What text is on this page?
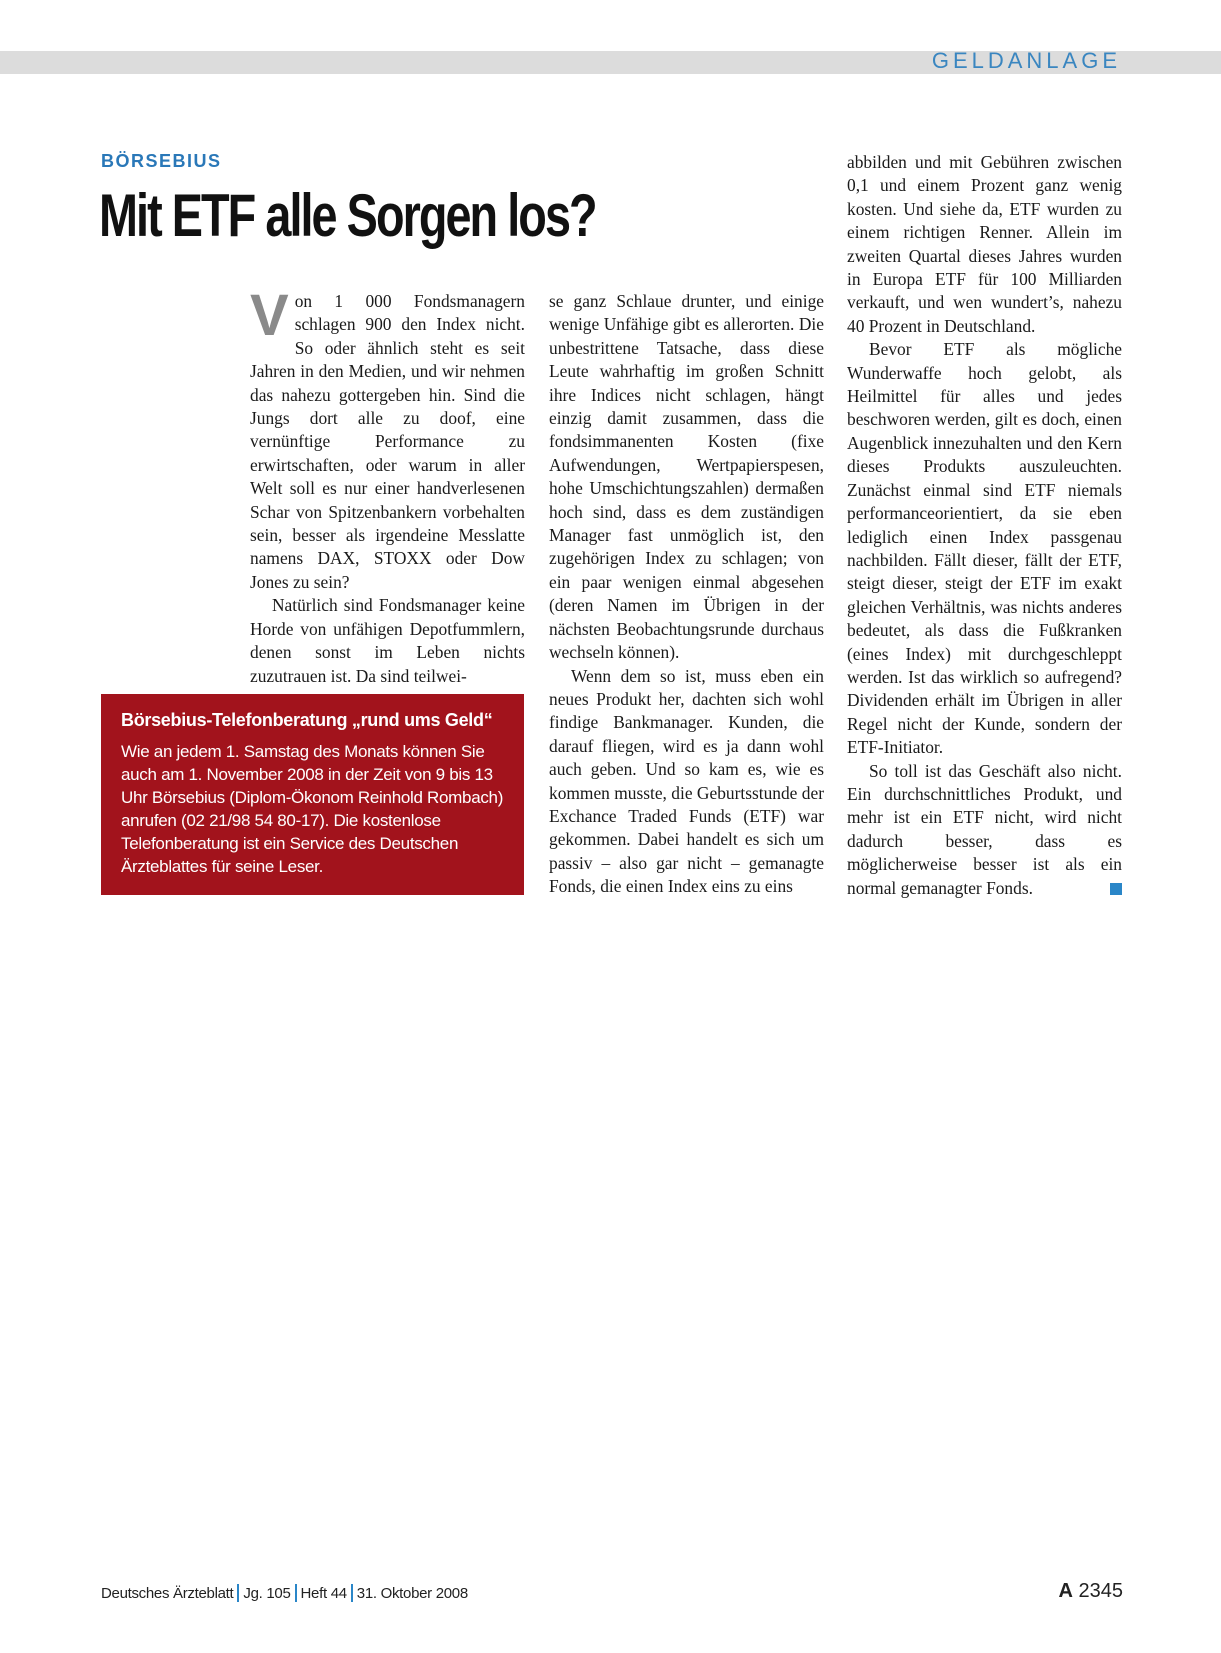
GELDANLAGE
BÖRSEBIUS
Mit ETF alle Sorgen los?

Von 1 000 Fondsmanagern schlagen 900 den Index nicht. So oder ähnlich steht es seit Jahren in den Medien, und wir nehmen das nahezu gottergeben hin. Sind die Jungs dort alle zu doof, eine vernünftige Performance zu erwirtschaften, oder warum in aller Welt soll es nur einer handverlesenen Schar von Spitzenbankern vorbehalten sein, besser als irgendeine Messlatte namens DAX, STOXX oder Dow Jones zu sein?

Natürlich sind Fondsmanager keine Horde von unfähigen Depotfummlern, denen sonst im Leben nichts zuzutrauen ist. Da sind teilwei-

se ganz Schlaue drunter, und einige wenige Unfähige gibt es allerorten. Die unbestrittene Tatsache, dass diese Leute wahrhaftig im großen Schnitt ihre Indices nicht schlagen, hängt einzig damit zusammen, dass die fondsimmanenten Kosten (fixe Aufwendungen, Wertpapierspesen, hohe Umschichtungszahlen) dermaßen hoch sind, dass es dem zuständigen Manager fast unmöglich ist, den zugehörigen Index zu schlagen; von ein paar wenigen einmal abgesehen (deren Namen im Übrigen in der nächsten Beobachtungsrunde durchaus wechseln können).

Wenn dem so ist, muss eben ein neues Produkt her, dachten sich wohl findige Bankmanager. Kunden, die darauf fliegen, wird es ja dann wohl auch geben. Und so kam es, wie es kommen musste, die Geburtsstunde der Exchance Traded Funds (ETF) war gekommen. Dabei handelt es sich um passiv – also gar nicht – gemanagte Fonds, die einen Index eins zu eins

abbilden und mit Gebühren zwischen 0,1 und einem Prozent ganz wenig kosten. Und siehe da, ETF wurden zu einem richtigen Renner. Allein im zweiten Quartal dieses Jahres wurden in Europa ETF für 100 Milliarden verkauft, und wen wundert’s, nahezu 40 Prozent in Deutschland.

Bevor ETF als mögliche Wunderwaffe hoch gelobt, als Heilmittel für alles und jedes beschworen werden, gilt es doch, einen Augenblick innezuhalten und den Kern dieses Produkts auszuleuchten. Zunächst einmal sind ETF niemals performanceorientiert, da sie eben lediglich einen Index passgenau nachbilden. Fällt dieser, fällt der ETF, steigt dieser, steigt der ETF im exakt gleichen Verhältnis, was nichts anderes bedeutet, als dass die Fußkranken (eines Index) mit durchgeschleppt werden. Ist das wirklich so aufregend? Dividenden erhält im Übrigen in aller Regel nicht der Kunde, sondern der ETF-Initiator.

So toll ist das Geschäft also nicht. Ein durchschnittliches Produkt, und mehr ist ein ETF nicht, wird nicht dadurch besser, dass es möglicherweise besser ist als ein normal gemanagter Fonds.

Börsebius-Telefonberatung „rund ums Geld“
Wie an jedem 1. Samstag des Monats können Sie auch am 1. November 2008 in der Zeit von 9 bis 13 Uhr Börsebius (Diplom-Ökonom Reinhold Rombach) anrufen (02 21/98 54 80-17). Die kostenlose Telefonberatung ist ein Service des Deutschen Ärzteblattes für seine Leser.
Deutsches Ärzteblatt Jg. 105 Heft 44 31. Oktober 2008	A 2345
